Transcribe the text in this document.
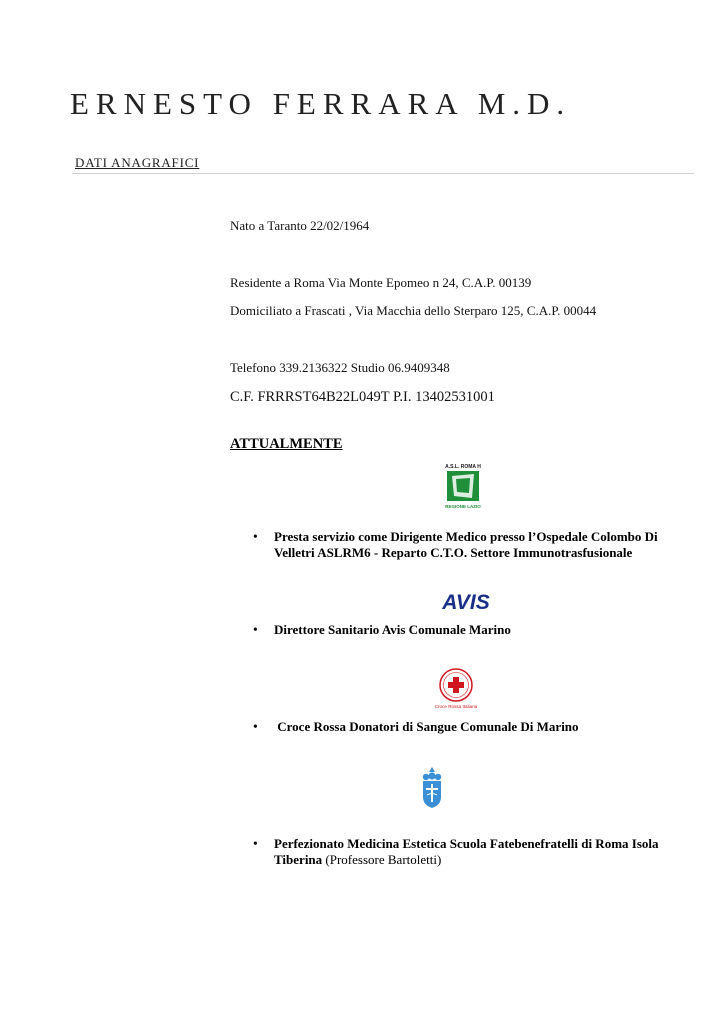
ERNESTO FERRARA M.D.
DATI ANAGRAFICI
Nato a Taranto 22/02/1964
Residente a Roma Via Monte Epomeo n 24, C.A.P. 00139
Domiciliato a Frascati , Via Macchia dello Sterparo 125, C.A.P. 00044
Telefono 339.2136322 Studio 06.9409348
C.F. FRRRST64B22L049T P.I. 13402531001
ATTUALMENTE
A.S.L. ROMA H
REGIONE LAZIO
• Presta servizio come Dirigente Medico presso l’Ospedale Colombo Di Velletri ASLRM6 - Reparto C.T.O. Settore Immunotrasfusionale
AVIS
• Direttore Sanitario Avis Comunale Marino
Croce Rossa Italiana
• Croce Rossa Donatori di Sangue Comunale Di Marino
• Perfezionato Medicina Estetica Scuola Fatebenefratelli di Roma Isola Tiberina (Professore Bartoletti)
